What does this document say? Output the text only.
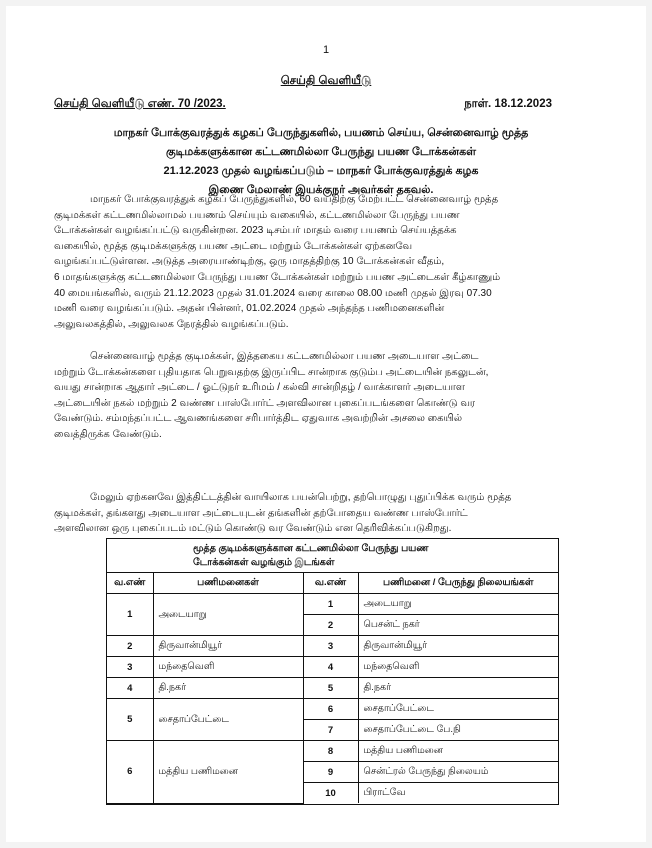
1
செய்தி வெளியீடு
செய்தி வெளியீடு எண். 70 /2023.	நாள். 18.12.2023
மாநகர் போக்குவரத்துக் கழகப் பேருந்துகளில், பயணம் செய்ய, சென்னைவாழ் மூத்த
குடிமக்களுக்கான கட்டணமில்லா பேருந்து பயண டோக்கன்கள்
21.12.2023 முதல் வழங்கப்படும் – மாநகர் போக்குவரத்துக் கழக
இணை மேலாண் இயக்குநர் அவர்கள் தகவல்.
மாநகர் போக்குவரத்துக் கழகப் பேருந்துகளில், 60 வயதிற்கு மேற்பட்ட சென்னைவாழ் மூத்த
குடிமக்கள் கட்டணமில்லாமல் பயணம் செய்யும் வகையில், கட்டணமில்லா பேருந்து பயண
டோக்கன்கள் வழங்கப்பட்டு வருகின்றன. 2023 டிசம்பர் மாதம் வரை பயணம் செய்யத்தக்க
வகையில், மூத்த குடிமக்களுக்கு பயண அட்டை மற்றும் டோக்கன்கள் ஏற்கனவே
வழங்கப்பட்டுள்ளன. அடுத்த அரையாண்டிற்கு, ஒரு மாதத்திற்கு 10 டோக்கன்கள் வீதம்,
6 மாதங்களுக்கு கட்டணமில்லா பேருந்து பயண டோக்கன்கள் மற்றும் பயண அட்டைகள் கீழ்காணும்
40 மையங்களில், வரும் 21.12.2023 முதல் 31.01.2024 வரை காலை 08.00 மணி முதல் இரவு 07.30
மணி வரை வழங்கப்படும். அதன் பின்னர், 01.02.2024 முதல் அந்தந்த பணிமனைகளின்
அலுவலகத்தில், அலுவலக நேரத்தில் வழங்கப்படும்.
சென்னைவாழ் மூத்த குடிமக்கள், இத்தகைய கட்டணமில்லா பயண அடையாள அட்டை
மற்றும் டோக்கன்களை புதியதாக பெறுவதற்கு இருப்பிட சான்றாக குடும்ப அட்டையின் நகலுடன்,
வயது சான்றாக ஆதார் அட்டை / ஓட்டுநர் உரிமம் / கல்வி சான்றிதழ் / வாக்காளர் அடையாள
அட்டையின் நகல் மற்றும் 2 வண்ண பாஸ்போர்ட் அளவிலான புகைப்படங்களை கொண்டு வர
வேண்டும். சம்மந்தப்பட்ட ஆவணங்களை சரிபார்த்திட ஏதுவாக அவற்றின் அசலை கையில்
வைத்திருக்க வேண்டும்.
மேலும் ஏற்கனவே இத்திட்டத்தின் வாயிலாக பயன்பெற்று, தற்பொழுது புதுப்பிக்க வரும் மூத்த
குடிமக்கள், தங்களது அடையாள அட்டையுடன் தங்களின் தற்போதைய வண்ண பாஸ்போர்ட்
அளவிலான ஒரு புகைப்படம் மட்டும் கொண்டு வர வேண்டும் என தெரிவிக்கப்படுகிறது.
மூத்த குடிமக்களுக்கான கட்டணமில்லா பேருந்து பயண
டோக்கன்கள் வழங்கும் இடங்கள்
வ.எண்	பணிமனைகள்	வ.எண்	பணிமனை / பேருந்து நிலையங்கள்
1	அடையாறு	1	அடையாறு
		2	பெசன்ட் நகர்
2	திருவான்மியூர்	3	திருவான்மியூர்
3	மந்தைவெளி	4	மந்தைவெளி
4	தி.நகர்	5	தி.நகர்
5	சைதாப்பேட்டை	6	சைதாப்பேட்டை
		7	சைதாப்பேட்டை பே.நி
6	மத்திய பணிமனை	8	மத்திய பணிமனை
		9	சென்ட்ரல் பேருந்து நிலையம்
		10	பிராட்வே
